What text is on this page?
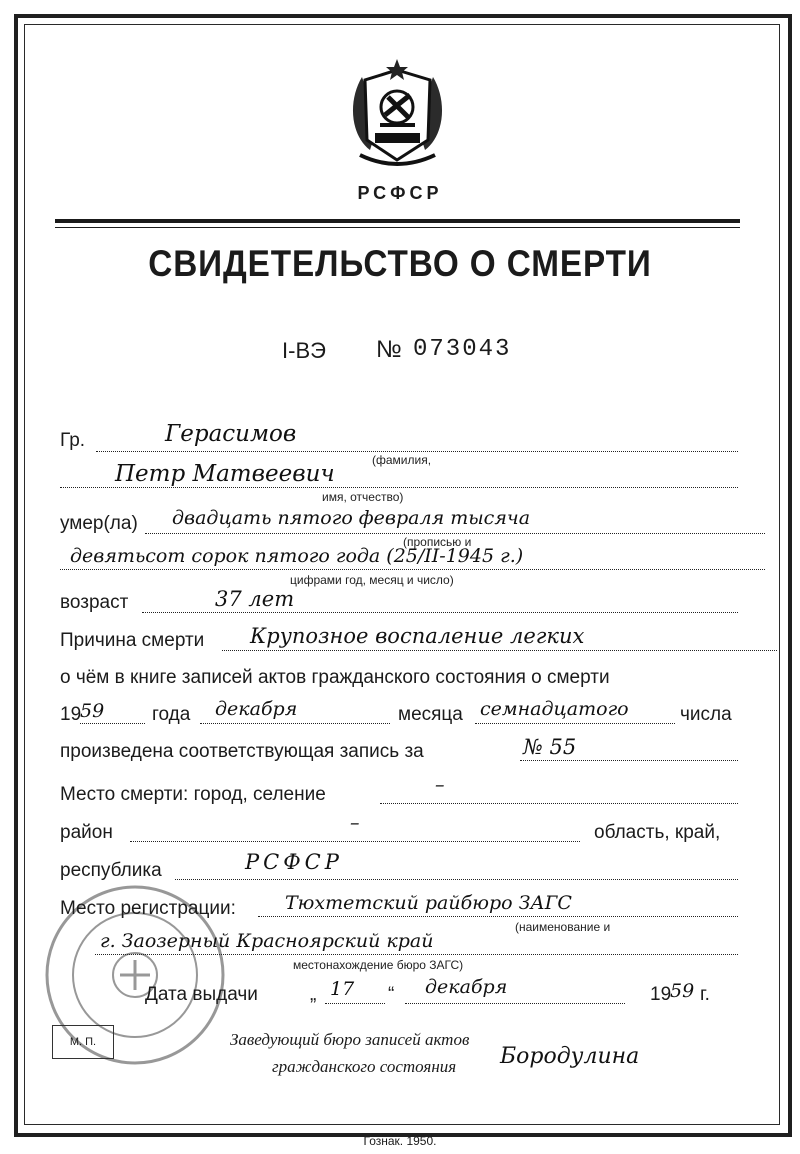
РСФСР
СВИДЕТЕЛЬСТВО О СМЕРТИ
I-ВЭ № 073043
Гр.	Герасимов
(фамилия,
Петр Матвеевич
имя, отчество)
умер(ла) двадцать пятого февраля тысяча
(прописью и
девятьсот сорок пятого года (25/II-1945 г.)
цифрами год, месяц и число)
возраст	37 лет
Причина смерти Крупозное воспаление легких
о чём в книге записей актов гражданского состояния о смерти
19
59	года декабря	месяца семнадцатого	числа
произведена соответствующая запись за	№ 55
Место смерти: город, селение	–
район	–	область, край,
республика	РСФСР
М. П.
Место регистрации:	Тюхтетский райбюро ЗАГС
(наименование и
г. Заозерный Красноярский край
местонахождение бюро ЗАГС)
Дата выдачи	„ 17 “ декабря	19
59 г.
Заведующий бюро записей актов
гражданского состояния Бородулина
Гознак. 1950.
